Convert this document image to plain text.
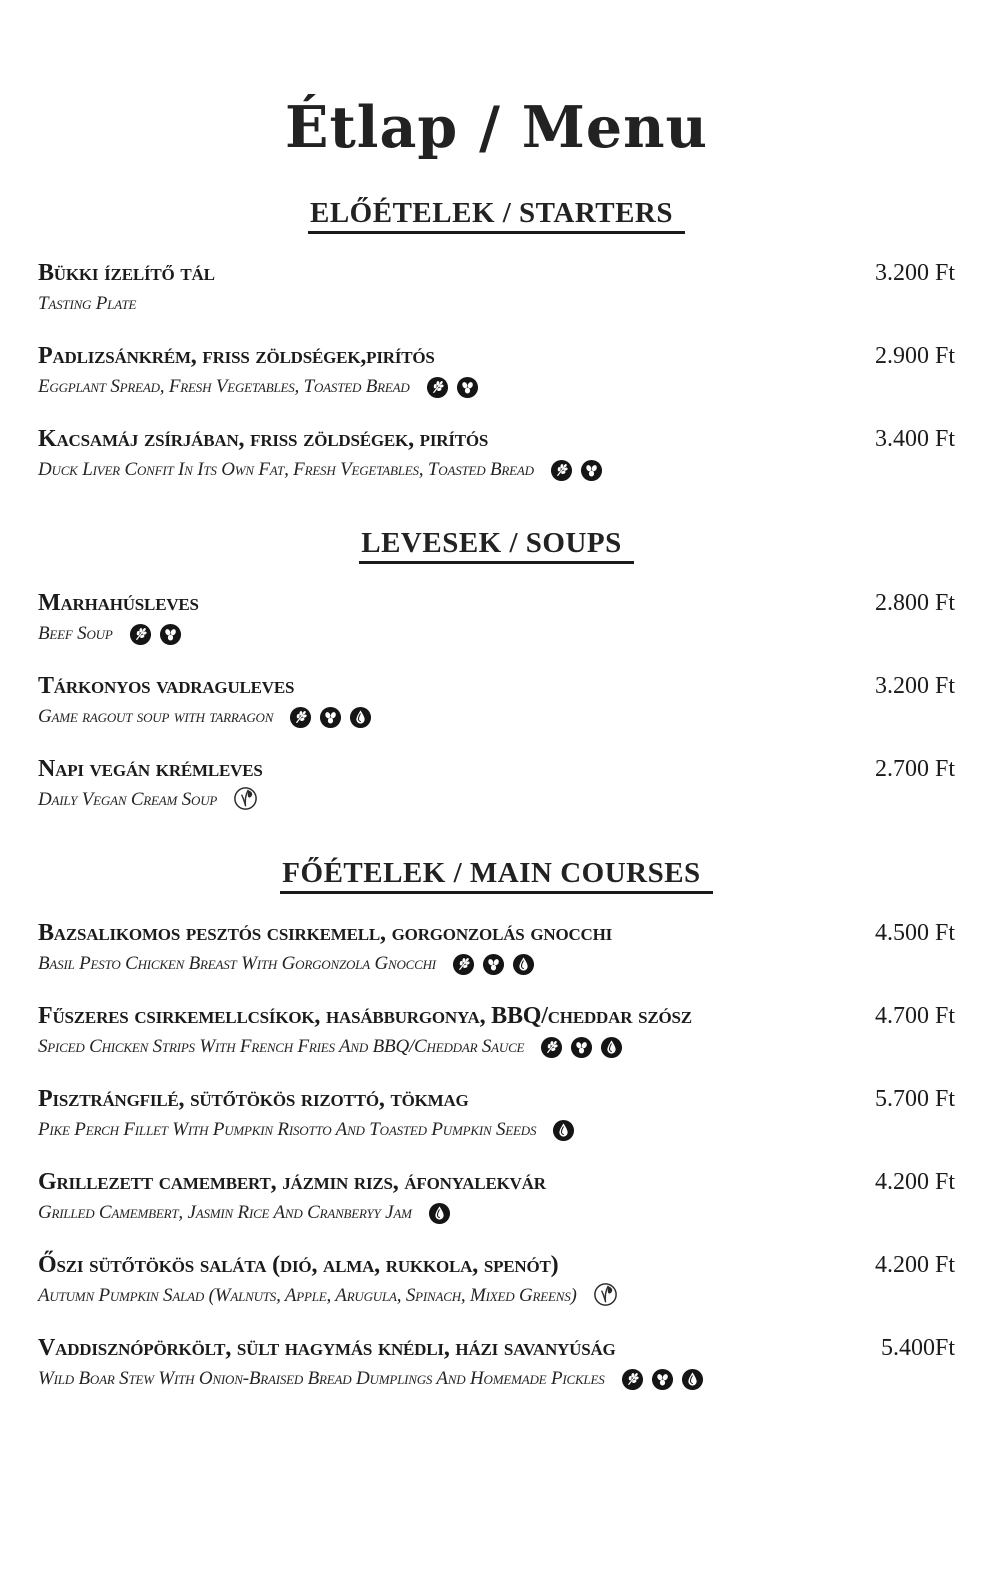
Étlap / Menu
ELŐÉTELEK / STARTERS
Bükki ízelítő tál	3.200 Ft
Tasting Plate
Padlizsánkrém, friss zöldségek,pirítós	2.900 Ft
Eggplant Spread, Fresh Vegetables, Toasted Bread
Kacsamáj zsírjában, friss zöldségek, pirítós	3.400 Ft
Duck Liver Confit In Its Own Fat, Fresh Vegetables, Toasted Bread
LEVESEK / SOUPS
Marhahúsleves	2.800 Ft
Beef Soup
Tárkonyos vadraguleves	3.200 Ft
Game ragout soup with tarragon
Napi vegán krémleves	2.700 Ft
Daily Vegan Cream Soup
FŐÉTELEK / MAIN COURSES
Bazsalikomos pesztós csirkemell, gorgonzolás gnocchi	4.500 Ft
Basil Pesto Chicken Breast With Gorgonzola Gnocchi
Fűszeres csirkemellcsíkok, hasábburgonya, BBQ/cheddar szósz	4.700 Ft
Spiced Chicken Strips With French Fries And BBQ/Cheddar Sauce
Pisztrángfilé, sütőtökös rizottó, tökmag	5.700 Ft
Pike Perch Fillet With Pumpkin Risotto And Toasted Pumpkin Seeds
Grillezett camembert, jázmin rizs, áfonyalekvár	4.200 Ft
Grilled Camembert, Jasmin Rice And Cranberyy Jam
Őszi sütőtökös saláta (dió, alma, rukkola, spenót)	4.200 Ft
Autumn Pumpkin Salad (Walnuts, Apple, Arugula, Spinach, Mixed Greens)
Vaddisznópörkölt, sült hagymás knédli, házi savanyúság	5.400Ft
Wild Boar Stew With Onion-Braised Bread Dumplings And Homemade Pickles
